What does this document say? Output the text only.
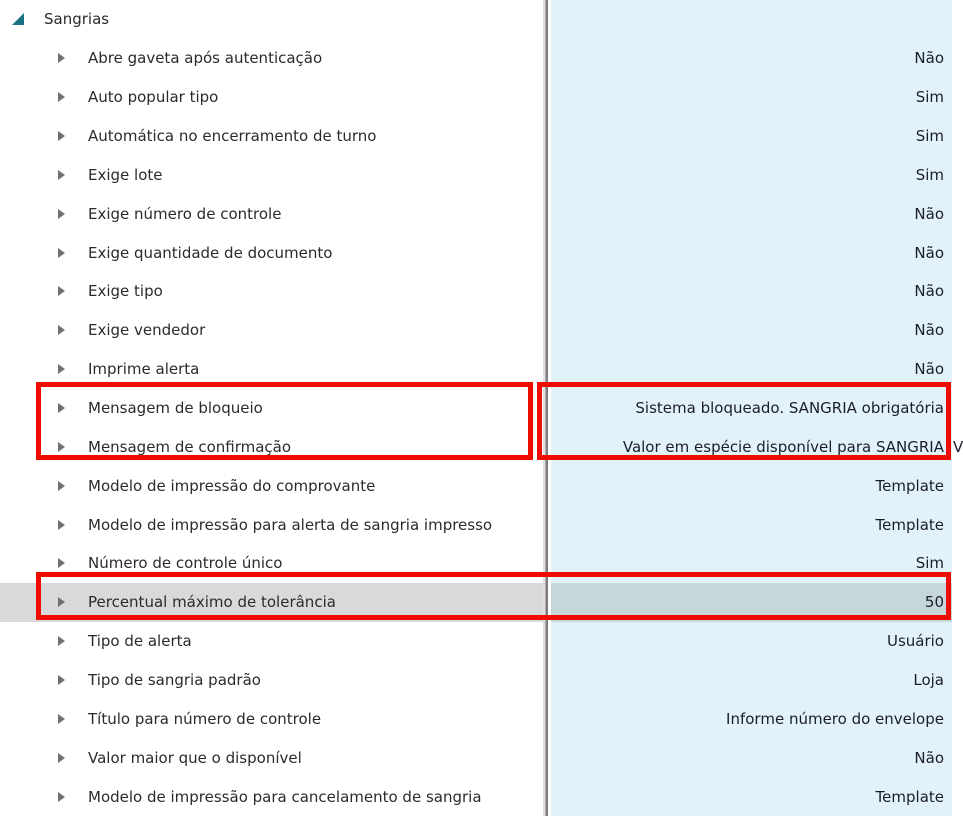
Sangrias
Abre gaveta após autenticação	Não
Auto popular tipo	Sim
Automática no encerramento de turno	Sim
Exige lote	Sim
Exige número de controle	Não
Exige quantidade de documento	Não
Exige tipo	Não
Exige vendedor	Não
Imprime alerta	Não
Mensagem de bloqueio	Sistema bloqueado. SANGRIA obrigatória
Mensagem de confirmação	Valor em espécie disponível para SANGRIA V
Modelo de impressão do comprovante	Template
Modelo de impressão para alerta de sangria impresso	Template
Número de controle único	Sim
Percentual máximo de tolerância	50
Tipo de alerta	Usuário
Tipo de sangria padrão	Loja
Título para número de controle	Informe número do envelope
Valor maior que o disponível	Não
Modelo de impressão para cancelamento de sangria	Template
